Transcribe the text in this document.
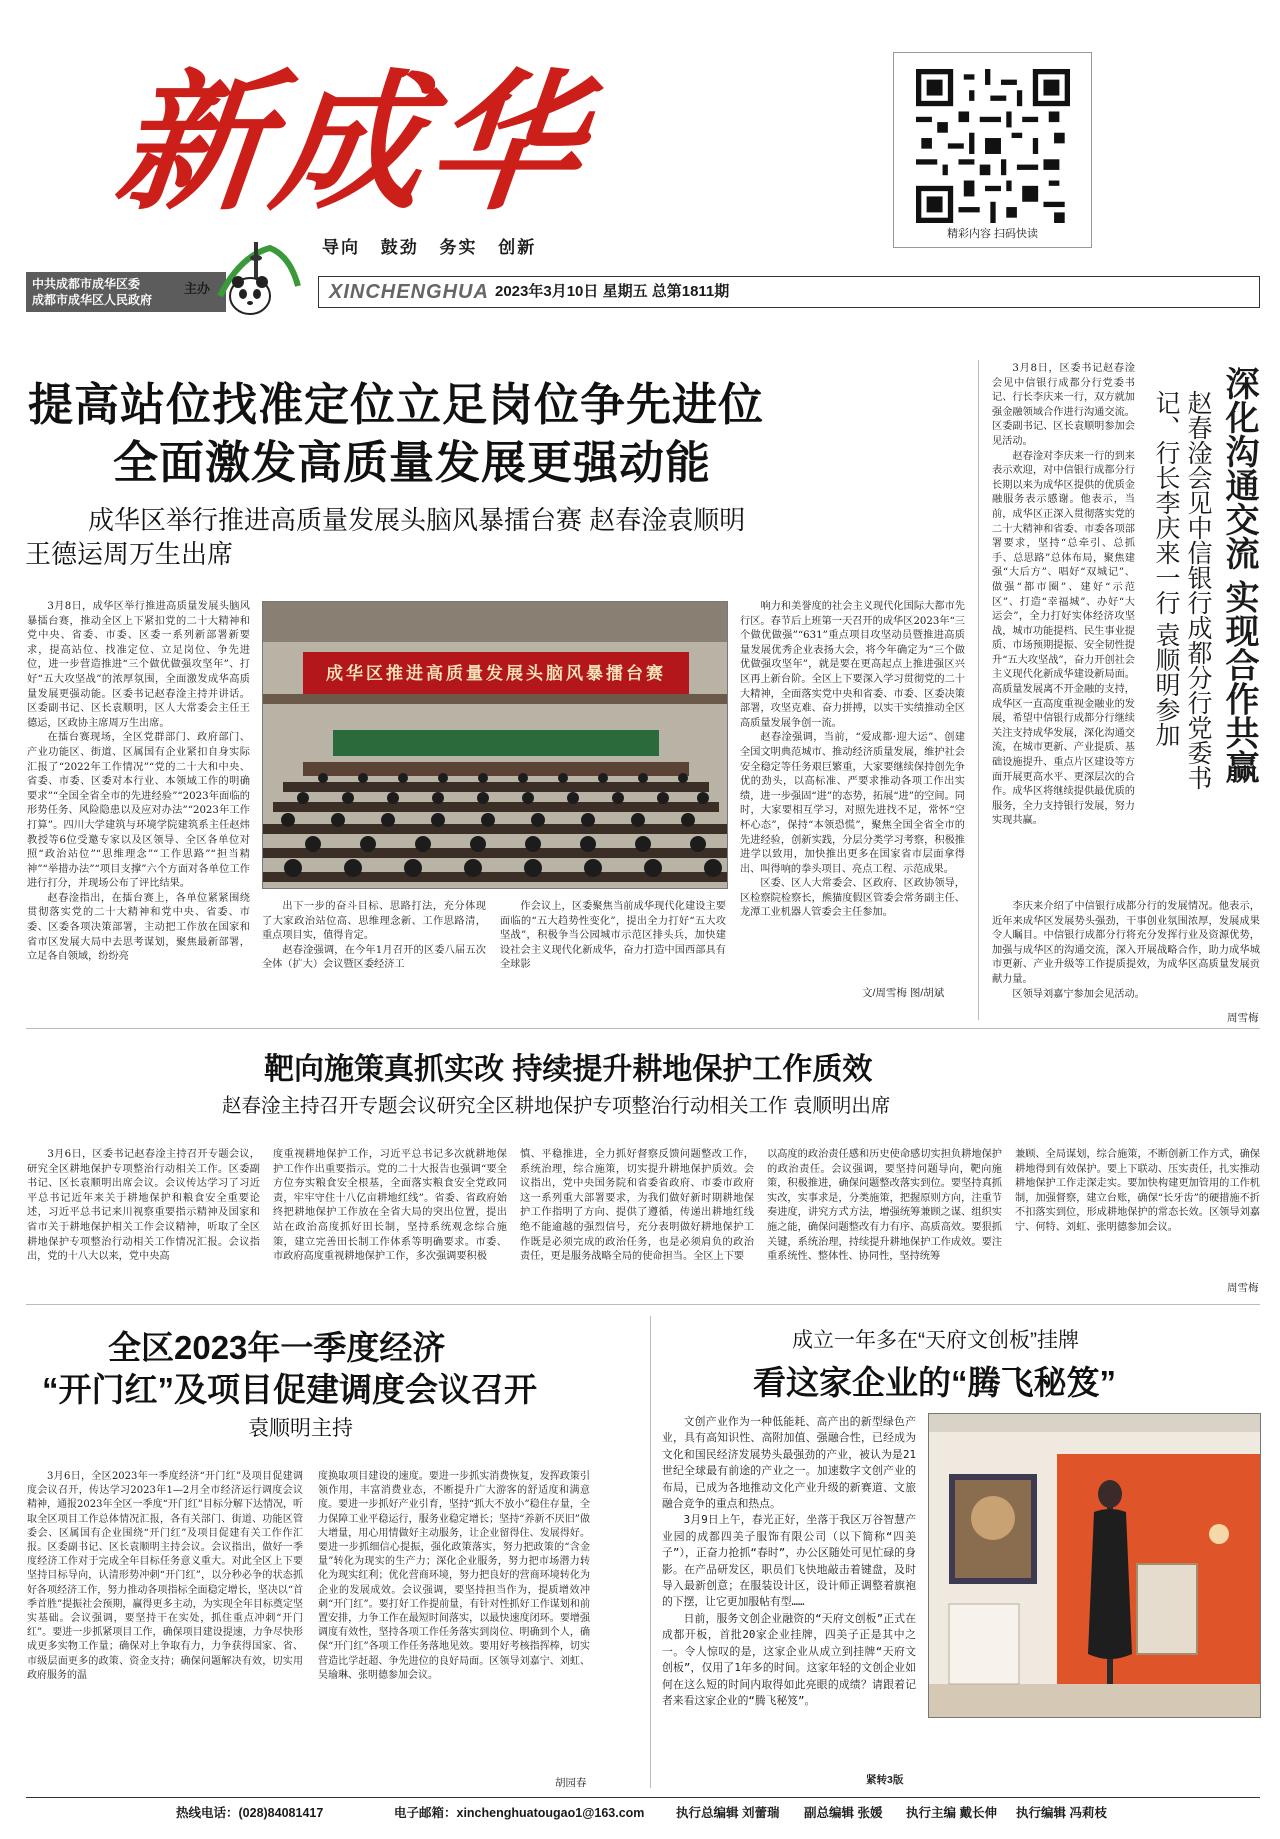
新成华
导向 鼓劲 务实 创新
精彩内容 扫码快读
中共成都市成华区委
成都市成华区人民政府
主办	XINCHENGHUA 2023年3月10日 星期五 总第1811期
提高站位找准定位立足岗位争先进位
全面激发高质量发展更强动能
成华区举行推进高质量发展头脑风暴擂台赛 赵春淦袁顺明
王德运周万生出席

3月8日，成华区举行推进高质量发展头脑风暴擂台赛，推动全区上下紧扣党的二十大精神和党中央、省委、市委、区委一系列新部署新要求，提高站位、找准定位、立足岗位、争先进位，进一步营造推进“三个做优做强攻坚年”、打好“五大攻坚战”的浓厚氛围，全面激发成华高质量发展更强动能。区委书记赵春淦主持并讲话。区委副书记、区长袁顺明，区人大常委会主任王德运，区政协主席周万生出席。

在擂台赛现场，全区党群部门、政府部门、产业功能区、街道、区属国有企业紧扣自身实际汇报了“2022年工作情况”“党的二十大和中央、省委、市委、区委对本行业、本领域工作的明确要求”“全国全省全市的先进经验”“2023年面临的形势任务、风险隐患以及应对办法”“2023年工作打算”。四川大学建筑与环境学院建筑系主任赵炜教授等6位受邀专家以及区领导、全区各单位对照“政治站位”“思维理念”“工作思路”“担当精神”“举措办法”“项目支撑”六个方面对各单位工作进行打分，并现场公布了评比结果。

赵春淦指出，在擂台赛上，各单位紧紧围绕贯彻落实党的二十大精神和党中央、省委、市委、区委各项决策部署，主动把工作放在国家和省市区发展大局中去思考谋划，聚焦最新部署，立足各自领域，纷纷亮

成华区推进高质量发展头脑风暴擂台赛

出下一步的奋斗目标、思路打法，充分体现了大家政治站位高、思维理念新、工作思路清，重点项目实，值得肯定。

赵春淦强调，在今年1月召开的区委八届五次全体（扩大）会议暨区委经济工

作会议上，区委聚焦当前成华现代化建设主要面临的“五大趋势性变化”，提出全力打好“五大攻坚战”，积极争当公园城市示范区排头兵，加快建设社会主义现代化新成华，奋力打造中国西部具有全球影

响力和美誉度的社会主义现代化国际大都市先行区。春节后上班第一天召开的成华区2023年“三个做优做强”“631”重点项目攻坚动员暨推进高质量发展优秀企业表扬大会，将今年确定为“三个做优做强攻坚年”，就是要在更高起点上推进强区兴区再上新台阶。全区上下要深入学习贯彻党的二十大精神，全面落实党中央和省委、市委、区委决策部署，攻坚克难、奋力拼搏，以实干实绩推动全区高质量发展争创一流。

赵春淦强调，当前，“爱成都·迎大运”、创建全国文明典范城市、推动经济质量发展，维护社会安全稳定等任务艰巨繁重，大家要继续保持创先争优的劲头，以高标准、严要求推动各项工作出实绩，进一步强固“进”的态势，拓展“进”的空间。同时，大家要相互学习，对照先进找不足，常怀“空杯心态”，保持“本领恐慌”，聚焦全国全省全市的先进经验，创新实践，分层分类学习考察，积极推进学以致用，加快推出更多在国家省市层面拿得出、叫得响的拳头项目、亮点工程、示范成果。

区委、区人大常委会、区政府、区政协领导，区检察院检察长，熊猫度假区管委会常务副主任、龙潭工业机器人管委会主任参加。

文/周雪梅 图/胡斌
深化沟通交流 实现合作共赢
赵春淦会见中信银行成都分行党委书
记、行长李庆来一行 袁顺明参加

3月8日，区委书记赵春淦会见中信银行成都分行党委书记、行长李庆来一行，双方就加强金融领域合作进行沟通交流。区委副书记、区长袁顺明参加会见活动。

赵春淦对李庆来一行的到来表示欢迎，对中信银行成都分行长期以来为成华区提供的优质金融服务表示感谢。他表示，当前，成华区正深入贯彻落实党的二十大精神和省委、市委各项部署要求，坚持“总牵引、总抓手、总思路”总体布局，聚焦建强“大后方”、唱好“双城记”、做强“都市圈”、建好“示范区”、打造“幸福城”、办好“大运会”，全力打好实体经济攻坚战，城市功能提档、民生事业提质、市场预期提振、安全韧性提升“五大攻坚战”，奋力开创社会主义现代化新成华建设新局面。高质量发展离不开金融的支持，成华区一直高度重视金融业的发展，希望中信银行成都分行继续关注支持成华发展，深化沟通交流，在城市更新、产业提质、基础设施提升、重点片区建设等方面开展更高水平、更深层次的合作。成华区将继续提供最优质的服务，全力支持银行发展，努力实现共赢。

李庆来介绍了中信银行成都分行的发展情况。他表示，近年来成华区发展势头强劲，干事创业氛围浓厚，发展成果令人瞩目。中信银行成都分行将充分发挥行业及资源优势，加强与成华区的沟通交流，深入开展战略合作，助力成华城市更新、产业升级等工作提质提效，为成华区高质量发展贡献力量。

区领导刘嘉宁参加会见活动。

周雪梅
靶向施策真抓实改 持续提升耕地保护工作质效
赵春淦主持召开专题会议研究全区耕地保护专项整治行动相关工作 袁顺明出席

3月6日，区委书记赵春淦主持召开专题会议，研究全区耕地保护专项整治行动相关工作。区委副书记、区长袁顺明出席会议。会议传达学习了习近平总书记近年来关于耕地保护和粮食安全重要论述，习近平总书记来川视察重要指示精神及国家和省市关于耕地保护相关工作会议精神，听取了全区耕地保护专项整治行动相关工作情况汇报。会议指出，党的十八大以来，党中央高

度重视耕地保护工作，习近平总书记多次就耕地保护工作作出重要指示。党的二十大报告也强调“要全方位夯实粮食安全根基，全面落实粮食安全党政同责，牢牢守住十八亿亩耕地红线”。省委、省政府始终把耕地保护工作放在全省大局的突出位置，提出站在政治高度抓好田长制，坚持系统观念综合施策，建立完善田长制工作体系等明确要求。市委、市政府高度重视耕地保护工作，多次强调要积极

慎、平稳推进，全力抓好督察反馈问题整改工作，系统治理，综合施策，切实提升耕地保护质效。会议指出，党中央国务院和省委省政府、市委市政府这一系列重大部署要求，为我们做好新时期耕地保护工作指明了方向、提供了遵循，传递出耕地红线绝不能逾越的强烈信号，充分表明做好耕地保护工作既是必须完成的政治任务，也是必须肩负的政治责任，更是服务战略全局的使命担当。全区上下要

以高度的政治责任感和历史使命感切实担负耕地保护的政治责任。会议强调，要坚持问题导向，靶向施策，积极推进，确保问题整改落实到位。要坚持真抓实改，实事求是，分类施策，把握原则方向，注重节奏进度，讲究方式方法，增强统筹兼顾之谋、组织实施之能，确保问题整改有力有序、高质高效。要狠抓关键，系统治理，持续提升耕地保护工作成效。要注重系统性、整体性、协同性，坚持统筹

兼顾、全局谋划，综合施策，不断创新工作方式，确保耕地得到有效保护。要上下联动、压实责任，扎实推动耕地保护工作走深走实。要加快构建更加管用的工作机制，加强督察，建立台账，确保“长牙齿”的硬措施不折不扣落实到位，形成耕地保护的常态长效。区领导刘嘉宁、何特、刘虹、张明德参加会议。

周雪梅
全区2023年一季度经济
“开门红”及项目促建调度会议召开
袁顺明主持

3月6日，全区2023年一季度经济“开门红”及项目促建调度会议召开，传达学习2023年1—2月全市经济运行调度会议精神，通报2023年全区一季度“开门红”目标分解下达情况，听取全区项目工作总体情况汇报，各有关部门、街道、功能区管委会、区属国有企业围绕“开门红”及项目促建有关工作作汇报。区委副书记、区长袁顺明主持会议。会议指出，做好一季度经济工作对于完成全年目标任务意义重大。对此全区上下要坚持目标导向，认清形势冲刺“开门红”，以分秒必争的状态抓好各项经济工作，努力推动各项指标全面稳定增长，坚决以“首季首胜”提振社会预期，赢得更多主动，为实现全年目标奠定坚实基础。会议强调，要坚持干在实处，抓住重点冲刺“开门红”。要进一步抓紧项目工作，确保项目建设提速，力争尽快形成更多实物工作量；确保对上争取有力，力争获得国家、省、市级层面更多的政策、资金支持；确保问题解决有效，切实用政府服务的温

度换取项目建设的速度。要进一步抓实消费恢复，发挥政策引领作用，丰富消费业态，不断提升广大游客的舒适度和满意度。要进一步抓好产业引育，坚持“抓大不放小”稳住存量，全力保障工业平稳运行，服务业稳定增长；坚持“养新不厌旧”做大增量，用心用情做好主动服务，让企业留得住、发展得好。要进一步抓细信心提振，强化政策落实，努力把政策的“含金量”转化为现实的生产力；深化企业服务，努力把市场潜力转化为现实红利；优化营商环境，努力把良好的营商环境转化为企业的发展成效。会议强调，要坚持担当作为，提质增效冲刺“开门红”。要打好工作提前量，有针对性抓好工作谋划和前置安排，力争工作在最短时间落实，以最快速度闭环。要增强调度有效性，坚持各项工作任务落实到岗位、明确到个人，确保“开门红”各项工作任务落地见效。要用好考核指挥棒，切实营造比学赶超、争先进位的良好局面。区领导刘嘉宁、刘虹、吴瑜琳、张明德参加会议。

胡园春
成立一年多在“天府文创板”挂牌
看这家企业的“腾飞秘笈”

文创产业作为一种低能耗、高产出的新型绿色产业，具有高知识性、高附加值、强融合性，已经成为文化和国民经济发展势头最强劲的产业，被认为是21世纪全球最有前途的产业之一。加速数字文创产业的布局，已成为各地推动文化产业升级的新赛道、文旅融合竞争的重点和热点。

3月9日上午，春光正好，坐落于我区万谷智慧产业园的成都四美子服饰有限公司（以下简称“四美子”），正奋力抢抓“春时”，办公区随处可见忙碌的身影。在产品研发区，职员们飞快地敲击着键盘，及时导入最新创意；在服装设计区，设计师正调整着旗袍的下摆，让它更加服帖有型……

日前，服务文创企业融资的“天府文创板”正式在成都开板，首批20家企业挂牌，四美子正是其中之一。令人惊叹的是，这家企业从成立到挂牌“天府文创板”，仅用了1年多的时间。这家年轻的文创企业如何在这么短的时间内取得如此亮眼的成绩？请跟着记者来看这家企业的“腾飞秘笈”。

紧转3版
热线电话：(028)84081417	电子邮箱：xinchenghuatougao1@163.com	执行总编辑 刘蕾瑞 副总编辑 张媛 执行主编 戴长伸 执行编辑 冯莉枝
